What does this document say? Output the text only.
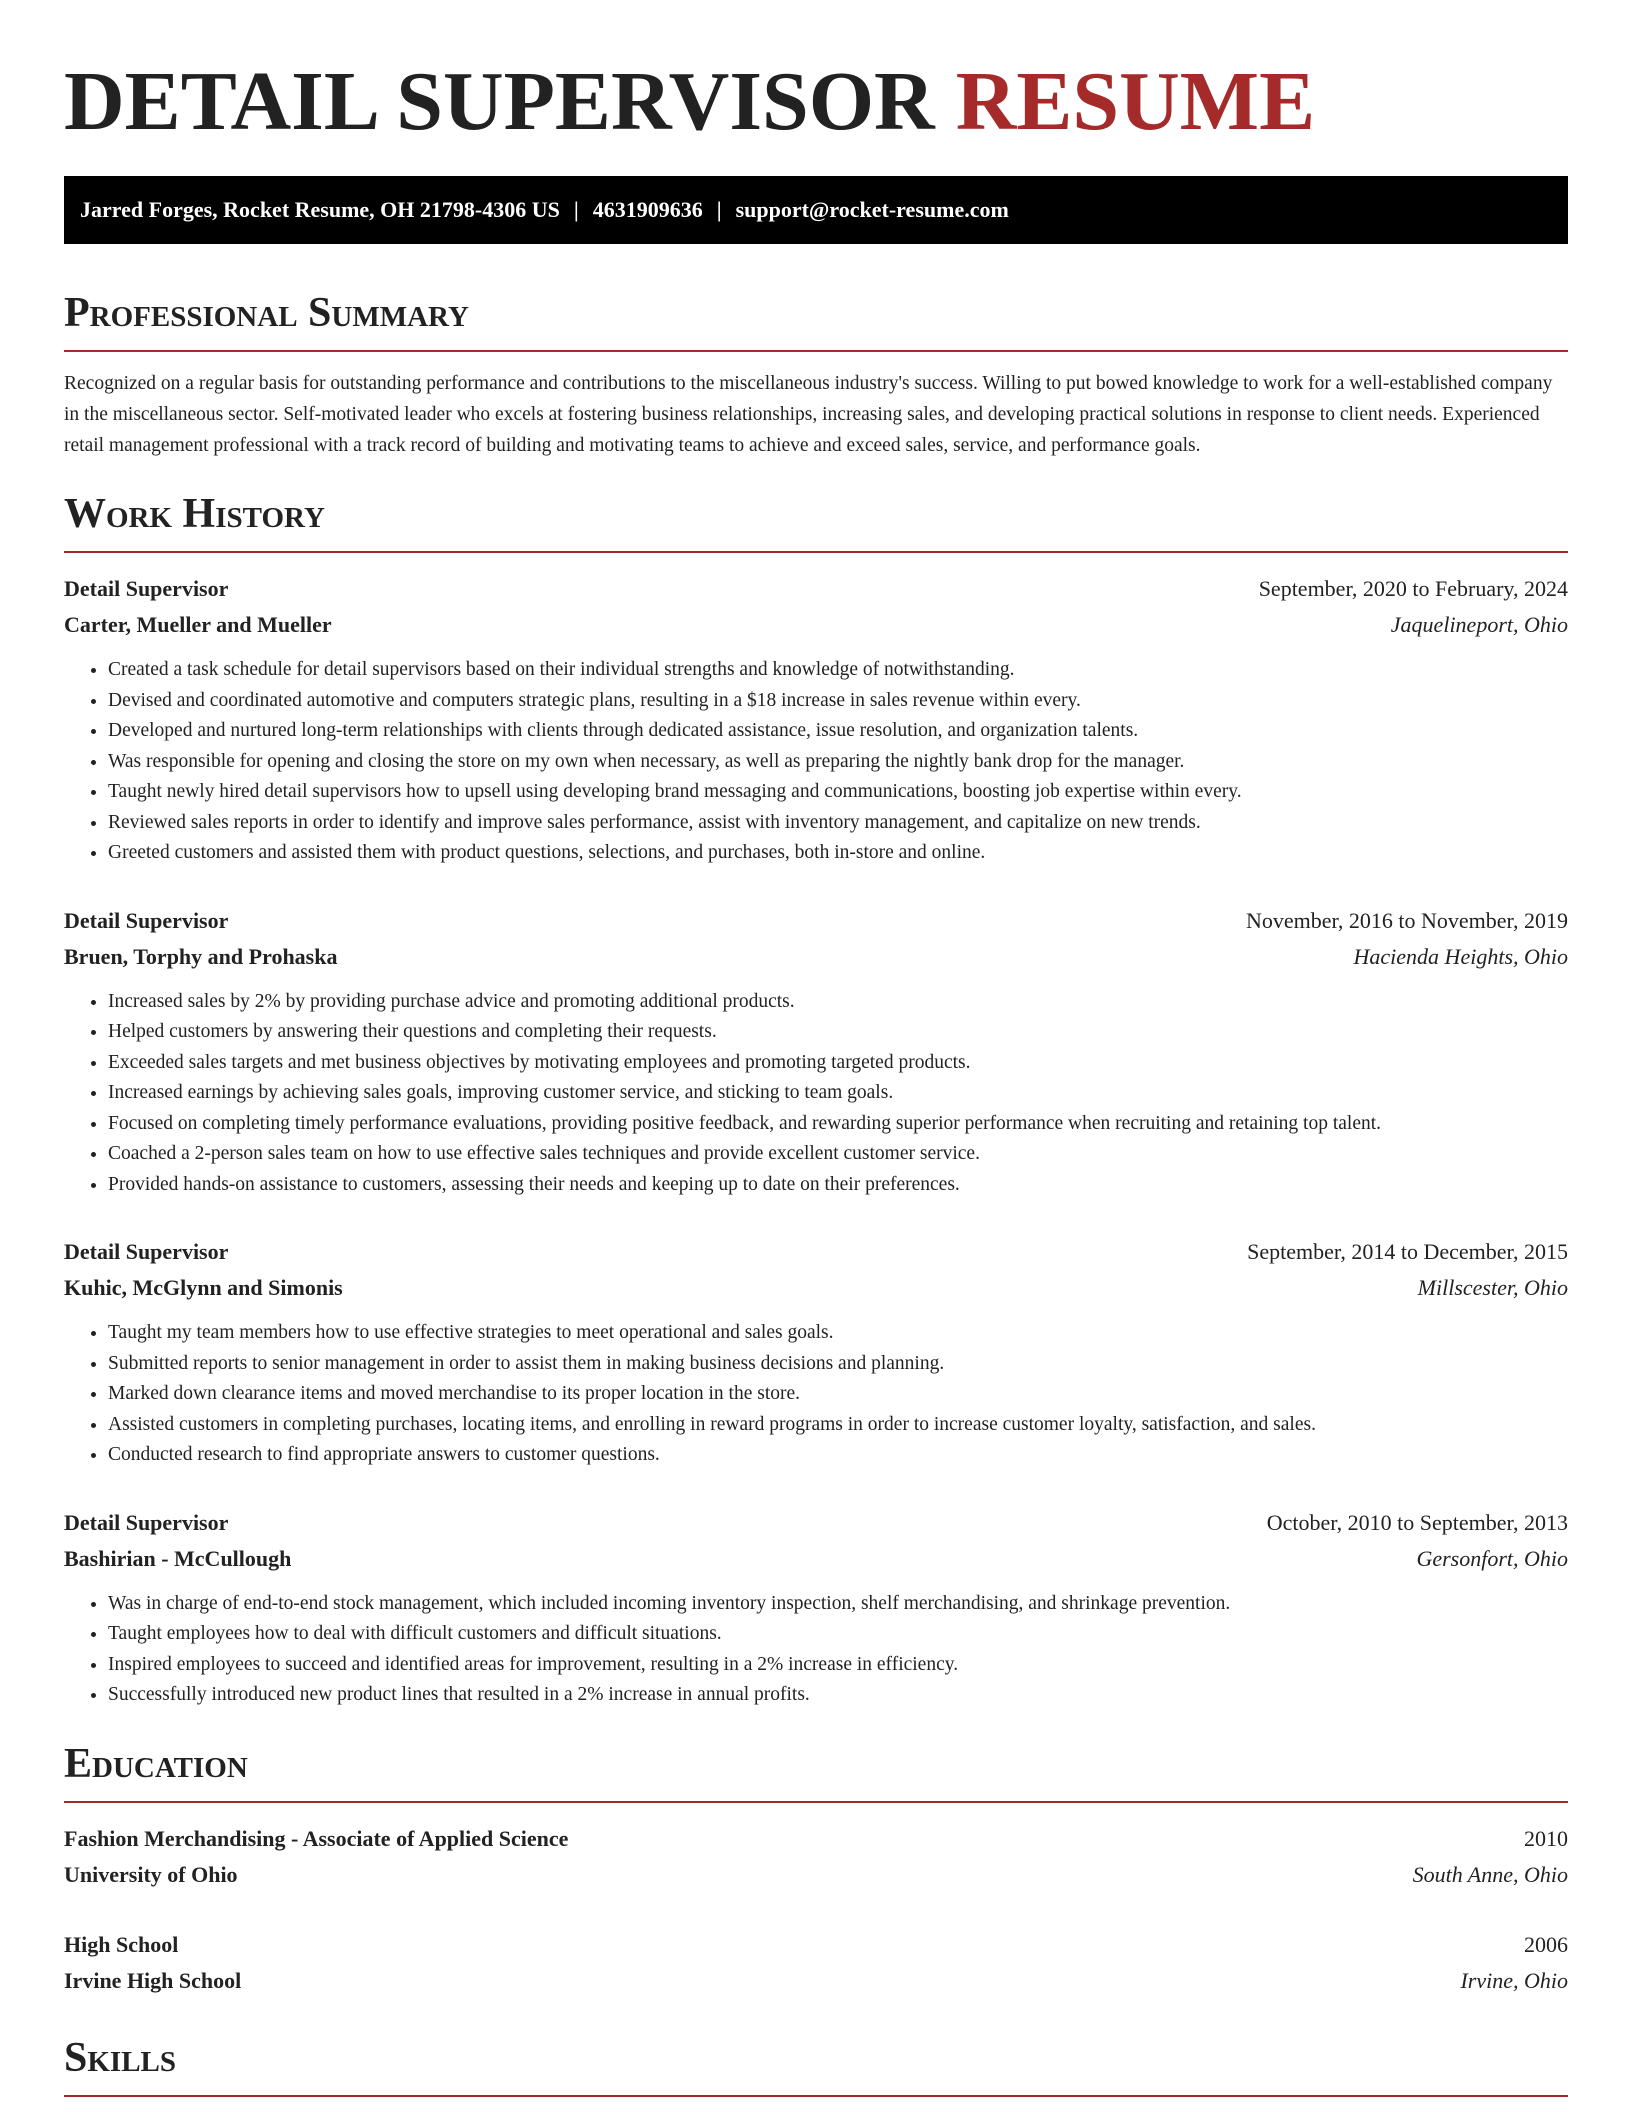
DETAIL SUPERVISOR RESUME
Jarred Forges, Rocket Resume, OH 21798-4306 US | 4631909636 | support@rocket-resume.com
Professional Summary

Recognized on a regular basis for outstanding performance and contributions to the miscellaneous industry's success. Willing to put bowed knowledge to work for a well-established company in the miscellaneous sector. Self-motivated leader who excels at fostering business relationships, increasing sales, and developing practical solutions in response to client needs. Experienced retail management professional with a track record of building and motivating teams to achieve and exceed sales, service, and performance goals.

Work History
Detail Supervisor	September, 2020 to February, 2024
Carter, Mueller and Mueller	Jaquelineport, Ohio
• Created a task schedule for detail supervisors based on their individual strengths and knowledge of notwithstanding.
• Devised and coordinated automotive and computers strategic plans, resulting in a $18 increase in sales revenue within every.
• Developed and nurtured long-term relationships with clients through dedicated assistance, issue resolution, and organization talents.
• Was responsible for opening and closing the store on my own when necessary, as well as preparing the nightly bank drop for the manager.
• Taught newly hired detail supervisors how to upsell using developing brand messaging and communications, boosting job expertise within every.
• Reviewed sales reports in order to identify and improve sales performance, assist with inventory management, and capitalize on new trends.
• Greeted customers and assisted them with product questions, selections, and purchases, both in-store and online.
Detail Supervisor	November, 2016 to November, 2019
Bruen, Torphy and Prohaska	Hacienda Heights, Ohio
• Increased sales by 2% by providing purchase advice and promoting additional products.
• Helped customers by answering their questions and completing their requests.
• Exceeded sales targets and met business objectives by motivating employees and promoting targeted products.
• Increased earnings by achieving sales goals, improving customer service, and sticking to team goals.
• Focused on completing timely performance evaluations, providing positive feedback, and rewarding superior performance when recruiting and retaining top talent.
• Coached a 2-person sales team on how to use effective sales techniques and provide excellent customer service.
• Provided hands-on assistance to customers, assessing their needs and keeping up to date on their preferences.
Detail Supervisor	September, 2014 to December, 2015
Kuhic, McGlynn and Simonis	Millscester, Ohio
• Taught my team members how to use effective strategies to meet operational and sales goals.
• Submitted reports to senior management in order to assist them in making business decisions and planning.
• Marked down clearance items and moved merchandise to its proper location in the store.
• Assisted customers in completing purchases, locating items, and enrolling in reward programs in order to increase customer loyalty, satisfaction, and sales.
• Conducted research to find appropriate answers to customer questions.
Detail Supervisor	October, 2010 to September, 2013
Bashirian - McCullough	Gersonfort, Ohio
• Was in charge of end-to-end stock management, which included incoming inventory inspection, shelf merchandising, and shrinkage prevention.
• Taught employees how to deal with difficult customers and difficult situations.
• Inspired employees to succeed and identified areas for improvement, resulting in a 2% increase in efficiency.
• Successfully introduced new product lines that resulted in a 2% increase in annual profits.
Education
Fashion Merchandising - Associate of Applied Science	2010
University of Ohio	South Anne, Ohio
High School	2006
Irvine High School	Irvine, Ohio
Skills
